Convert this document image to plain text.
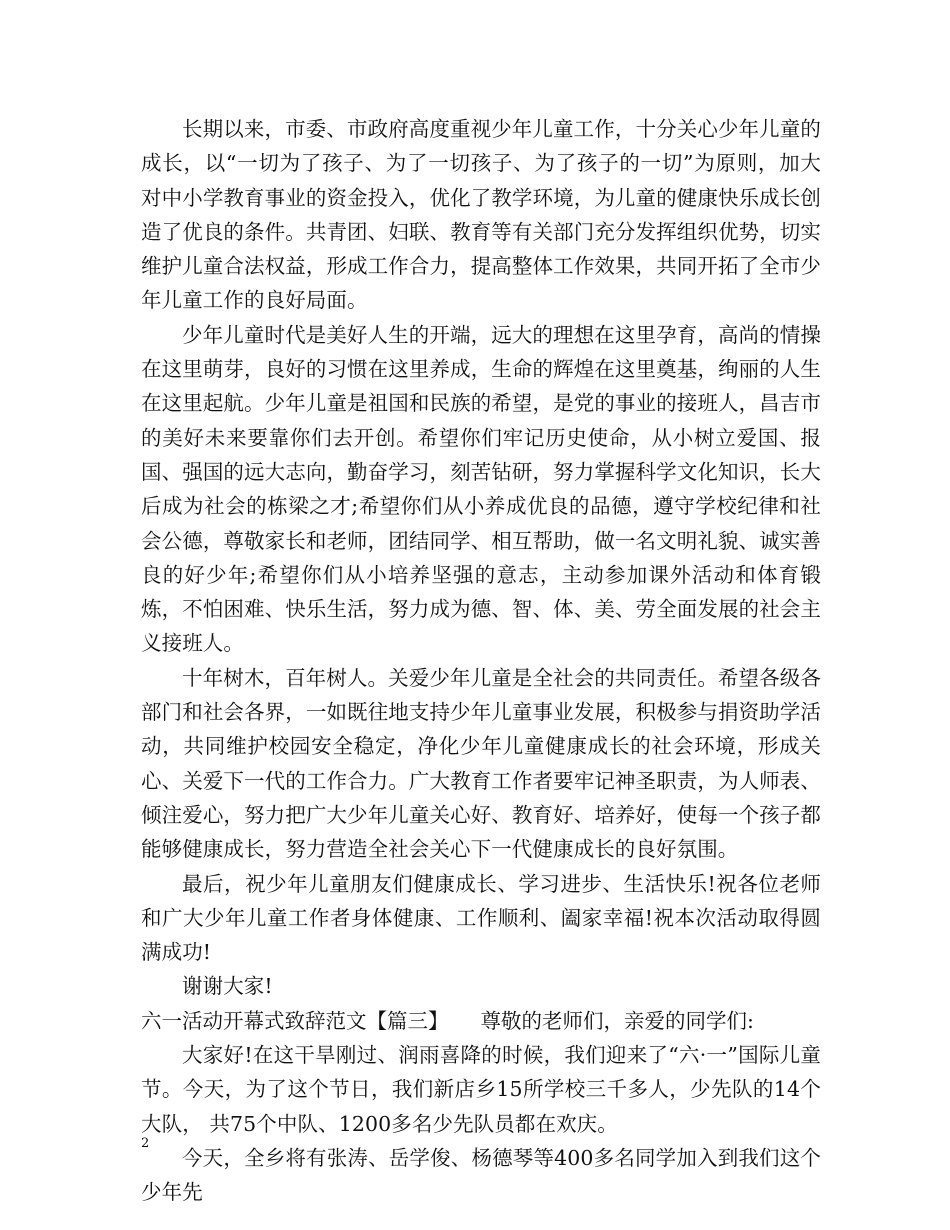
长期以来，市委、市政府高度重视少年儿童工作，十分关心少年儿童的成长，以“一切为了孩子、为了一切孩子、为了孩子的一切”为原则，加大对中小学教育事业的资金投入，优化了教学环境，为儿童的健康快乐成长创造了优良的条件。共青团、妇联、教育等有关部门充分发挥组织优势，切实维护儿童合法权益，形成工作合力，提高整体工作效果，共同开拓了全市少年儿童工作的良好局面。

少年儿童时代是美好人生的开端，远大的理想在这里孕育，高尚的情操在这里萌芽，良好的习惯在这里养成，生命的辉煌在这里奠基，绚丽的人生在这里起航。少年儿童是祖国和民族的希望，是党的事业的接班人，昌吉市的美好未来要靠你们去开创。希望你们牢记历史使命，从小树立爱国、报国、强国的远大志向，勤奋学习，刻苦钻研，努力掌握科学文化知识，长大后成为社会的栋梁之才;希望你们从小养成优良的品德，遵守学校纪律和社会公德，尊敬家长和老师，团结同学、相互帮助，做一名文明礼貌、诚实善良的好少年;希望你们从小培养坚强的意志，主动参加课外活动和体育锻炼，不怕困难、快乐生活，努力成为德、智、体、美、劳全面发展的社会主义接班人。

十年树木，百年树人。关爱少年儿童是全社会的共同责任。希望各级各部门和社会各界，一如既往地支持少年儿童事业发展，积极参与捐资助学活动，共同维护校园安全稳定，净化少年儿童健康成长的社会环境，形成关心、关爱下一代的工作合力。广大教育工作者要牢记神圣职责，为人师表、倾注爱心，努力把广大少年儿童关心好、教育好、培养好，使每一个孩子都能够健康成长，努力营造全社会关心下一代健康成长的良好氛围。

最后，祝少年儿童朋友们健康成长、学习进步、生活快乐!祝各位老师和广大少年儿童工作者身体健康、工作顺利、阖家幸福!祝本次活动取得圆满成功!

谢谢大家!

六一活动开幕式致辞范文【篇三】 尊敬的老师们，亲爱的同学们:

大家好!在这干旱刚过、润雨喜降的时候，我们迎来了“六·一”国际儿童节。今天，为了这个节日，我们新店乡15所学校三千多人，少先队的14个大队， 共75个中队、1200多名少先队员都在欢庆。

今天，全乡将有张涛、岳学俊、杨德琴等400多名同学加入到我们这个少年先

2
